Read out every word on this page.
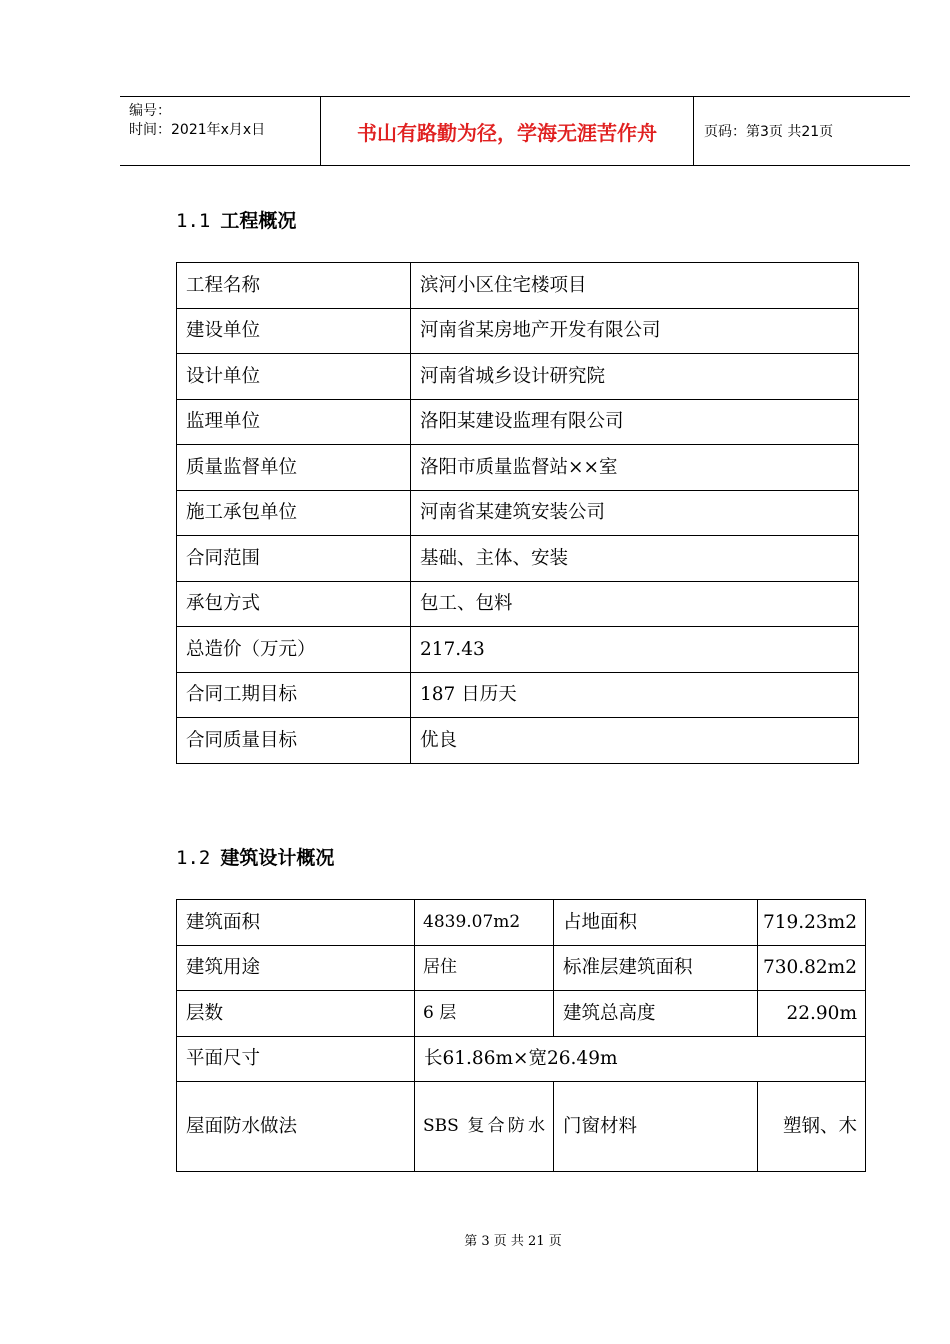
编号：
时间：2021年x月x日	书山有路勤为径，学海无涯苦作舟	页码：第3页 共21页
1.1 工程概况
工程名称	滨河小区住宅楼项目
建设单位	河南省某房地产开发有限公司
设计单位	河南省城乡设计研究院
监理单位	洛阳某建设监理有限公司
质量监督单位	洛阳市质量监督站××室
施工承包单位	河南省某建筑安装公司
合同范围	基础、主体、安装
承包方式	包工、包料
总造价（万元）	217.43
合同工期目标	187 日历天
合同质量目标	优良
1.2 建筑设计概况
建筑面积	4839.07m2	占地面积	719.23m2
建筑用途	居住	标准层建筑面积	730.82m2
层数	6 层	建筑总高度	22.90m
平面尺寸	长61.86m×宽26.49m		
屋面防水做法	SBS 复合防水	门窗材料	塑钢、木
第 3 页 共 21 页
